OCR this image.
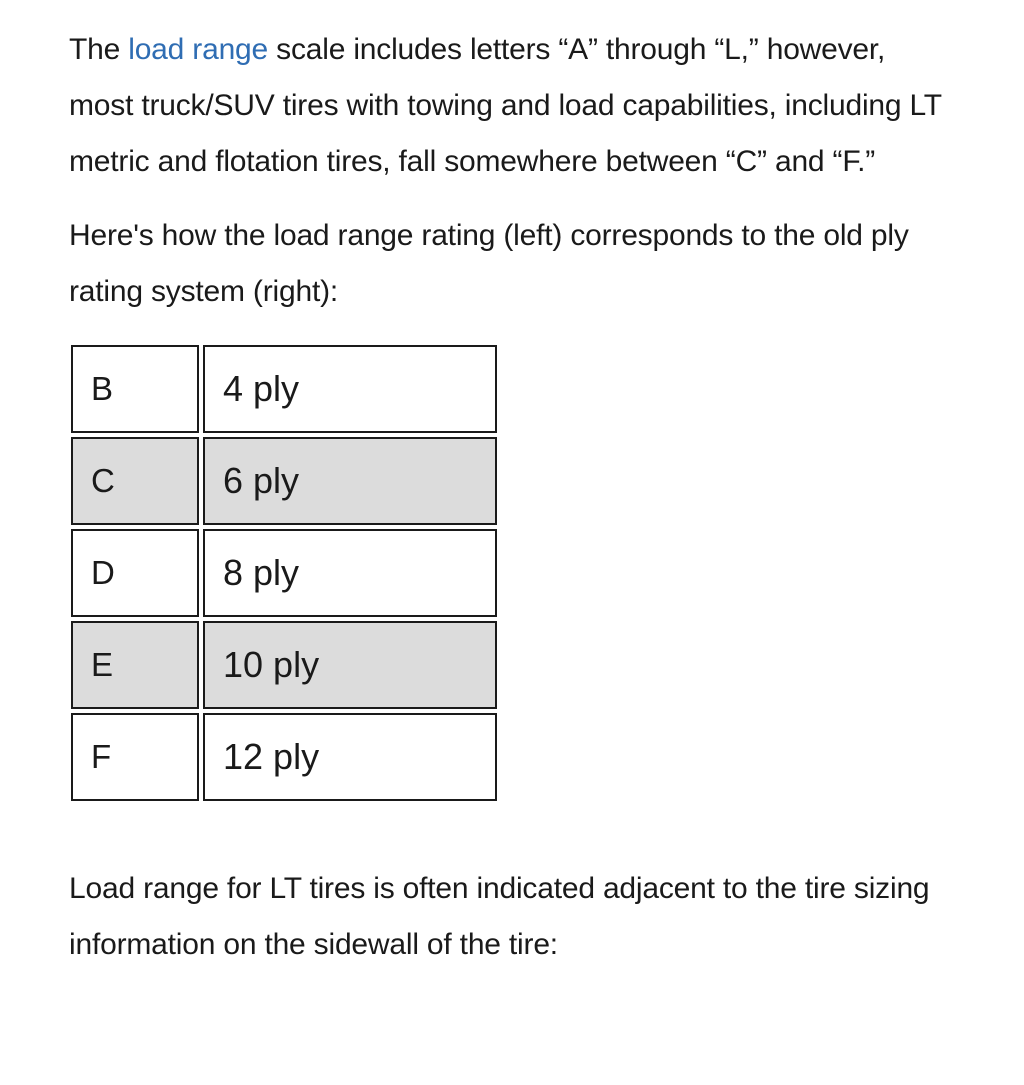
The load range scale includes letters “A” through “L,” however, most truck/SUV tires with towing and load capabilities, including LT metric and flotation tires, fall somewhere between “C” and “F.”

Here's how the load range rating (left) corresponds to the old ply rating system (right):

B	4 ply
C	6 ply
D	8 ply
E	10 ply
F	12 ply

Load range for LT tires is often indicated adjacent to the tire sizing information on the sidewall of the tire:
